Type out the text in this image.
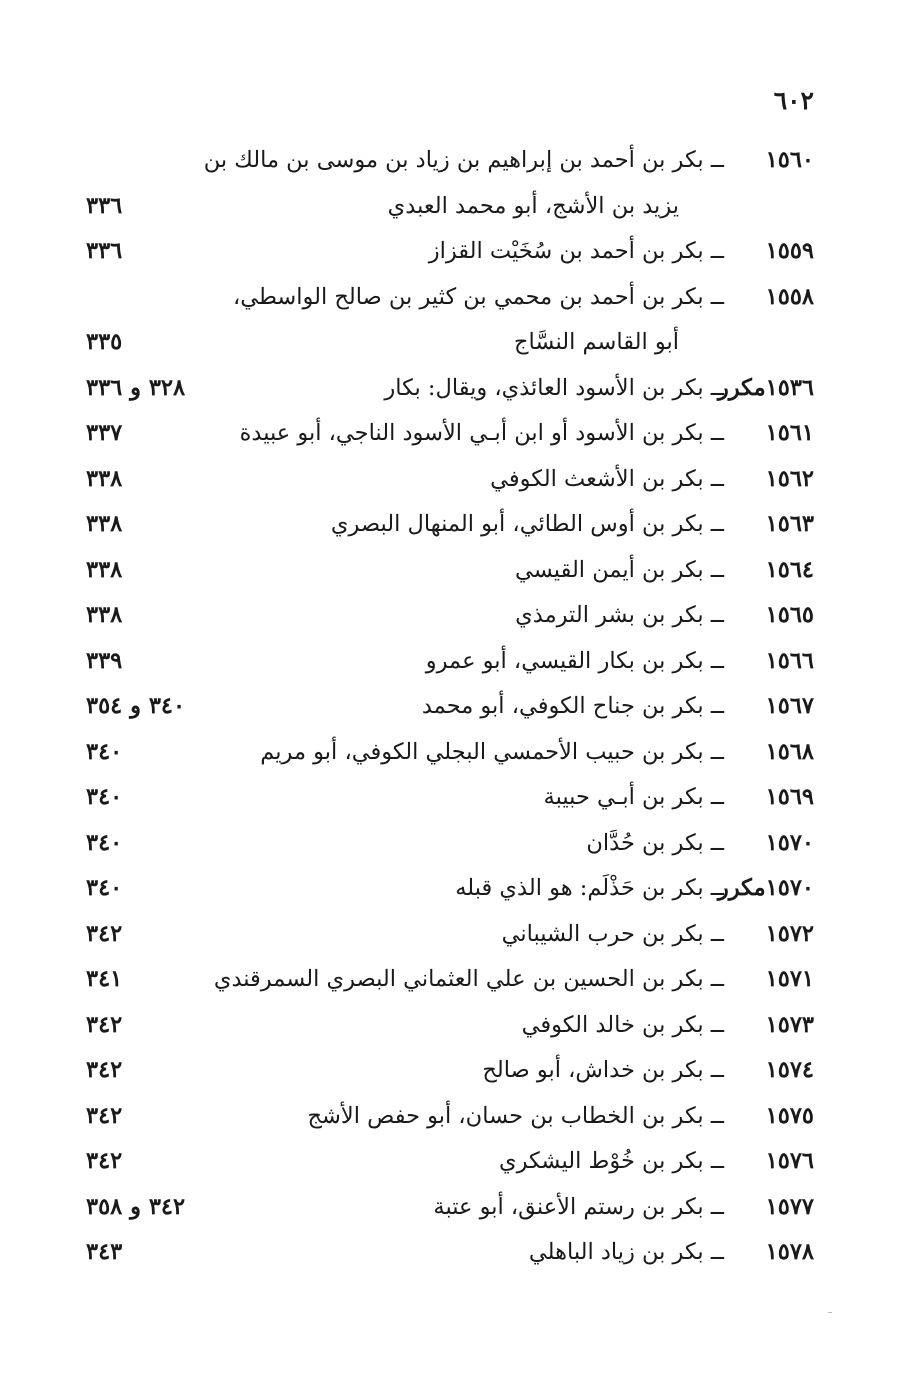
٦٠٢
١٥٦٠
ــ بكر بن أحمد بن إبراهيم بن زياد بن موسى بن مالك بن
يزيد بن الأشج، أبو محمد العبدي
٣٣٦
١٥٥٩
ــ بكر بن أحمد بن سُخَيْت القزاز
٣٣٦
١٥٥٨
ــ بكر بن أحمد بن محمي بن كثير بن صالح الواسطي،
أبو القاسم النسَّاج
٣٣٥
١٥٣٦مكرر
ــ بكر بن الأسود العائذي، ويقال: بكار
٣٢٨ و ٣٣٦
١٥٦١
ــ بكر بن الأسود أو ابن أبـي الأسود الناجي، أبو عبيدة
٣٣٧
١٥٦٢
ــ بكر بن الأشعث الكوفي
٣٣٨
١٥٦٣
ــ بكر بن أوس الطائي، أبو المنهال البصري
٣٣٨
١٥٦٤
ــ بكر بن أيمن القيسي
٣٣٨
١٥٦٥
ــ بكر بن بشر الترمذي
٣٣٨
١٥٦٦
ــ بكر بن بكار القيسي، أبو عمرو
٣٣٩
١٥٦٧
ــ بكر بن جناح الكوفي، أبو محمد
٣٤٠ و ٣٥٤
١٥٦٨
ــ بكر بن حبيب الأحمسي البجلي الكوفي، أبو مريم
٣٤٠
١٥٦٩
ــ بكر بن أبـي حبيبة
٣٤٠
١٥٧٠
ــ بكر بن حُدَّان
٣٤٠
١٥٧٠مكرر
ــ بكر بن حَذْلَم: هو الذي قبله
٣٤٠
١٥٧٢
ــ بكر بن حرب الشيباني
٣٤٢
١٥٧١
ــ بكر بن الحسين بن علي العثماني البصري السمرقندي
٣٤١
١٥٧٣
ــ بكر بن خالد الكوفي
٣٤٢
١٥٧٤
ــ بكر بن خداش، أبو صالح
٣٤٢
١٥٧٥
ــ بكر بن الخطاب بن حسان، أبو حفص الأشج
٣٤٢
١٥٧٦
ــ بكر بن خُوْط اليشكري
٣٤٢
١٥٧٧
ــ بكر بن رستم الأعنق، أبو عتبة
٣٤٢ و ٣٥٨
١٥٧٨
ــ بكر بن زياد الباهلي
٣٤٣
